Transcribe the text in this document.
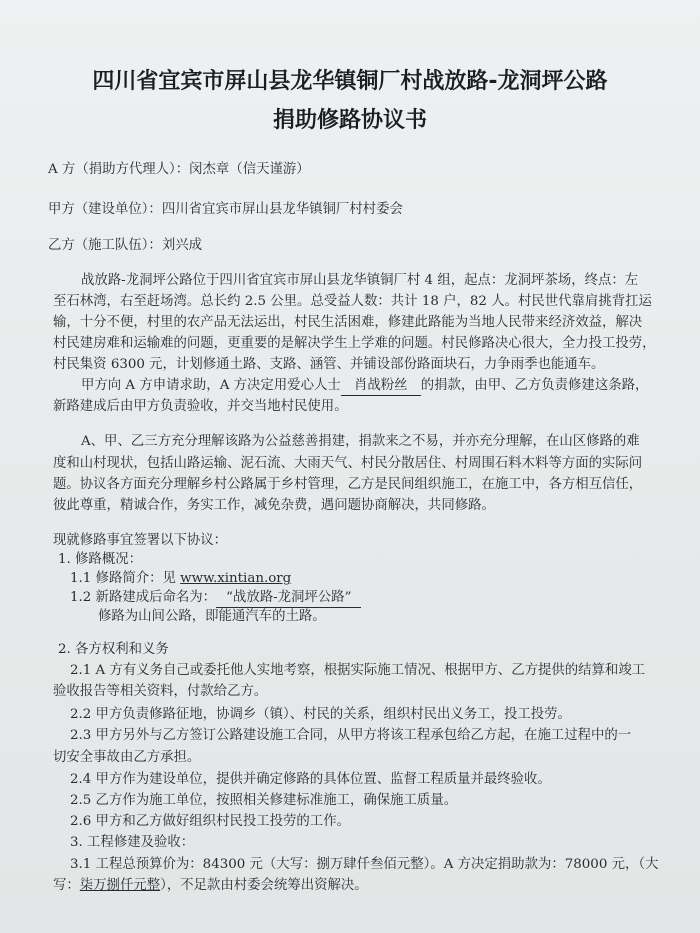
四川省宜宾市屏山县龙华镇铜厂村战放路-龙洞坪公路
捐助修路协议书
A 方（捐助方代理人）：闵杰章（信天谨游）
甲方（建设单位）：四川省宜宾市屏山县龙华镇铜厂村村委会
乙方（施工队伍）：刘兴成
战放路-龙洞坪公路位于四川省宜宾市屏山县龙华镇铜厂村 4 组，起点：龙洞坪茶场，终点：左
至石林湾，右至赶场湾。总长约 2.5 公里。总受益人数：共计 18 户，82 人。村民世代靠肩挑背扛运
输，十分不便，村里的农产品无法运出，村民生活困难，修建此路能为当地人民带来经济效益，解决
村民建房难和运输难的问题，更重要的是解决学生上学难的问题。村民修路决心很大，全力投工投劳，
村民集资 6300 元，计划修通土路、支路、涵管、并铺设部份路面块石，力争雨季也能通车。
甲方向 A 方申请求助，A 方决定用爱心人士 肖战粉丝 的捐款，由甲、乙方负责修建这条路，
新路建成后由甲方负责验收，并交当地村民使用。
A、甲、乙三方充分理解该路为公益慈善捐建，捐款来之不易，并亦充分理解，在山区修路的难
度和山村现状，包括山路运输、泥石流、大雨天气、村民分散居住、村周围石料木料等方面的实际问
题。协议各方面充分理解乡村公路属于乡村管理，乙方是民间组织施工，在施工中，各方相互信任，
彼此尊重，精诚合作，务实工作，减免杂费，遇问题协商解决，共同修路。
现就修路事宜签署以下协议：
1. 修路概况：
1.1 修路简介：见 www.xintian.org
1.2 新路建成后命名为： “战放路-龙洞坪公路”
修路为山间公路，即能通汽车的土路。
2. 各方权利和义务
2.1 A 方有义务自己或委托他人实地考察，根据实际施工情况、根据甲方、乙方提供的结算和竣工
验收报告等相关资料，付款给乙方。
2.2 甲方负责修路征地，协调乡（镇）、村民的关系，组织村民出义务工，投工投劳。
2.3 甲方另外与乙方签订公路建设施工合同，从甲方将该工程承包给乙方起，在施工过程中的一
切安全事故由乙方承担。
2.4 甲方作为建设单位，提供并确定修路的具体位置、监督工程质量并最终验收。
2.5 乙方作为施工单位，按照相关修建标准施工，确保施工质量。
2.6 甲方和乙方做好组织村民投工投劳的工作。
3. 工程修建及验收：
3.1 工程总预算价为：84300 元（大写：捌万肆仟叁佰元整）。A 方决定捐助款为：78000 元，（大
写：柒万捌仟元整），不足款由村委会统筹出资解决。
